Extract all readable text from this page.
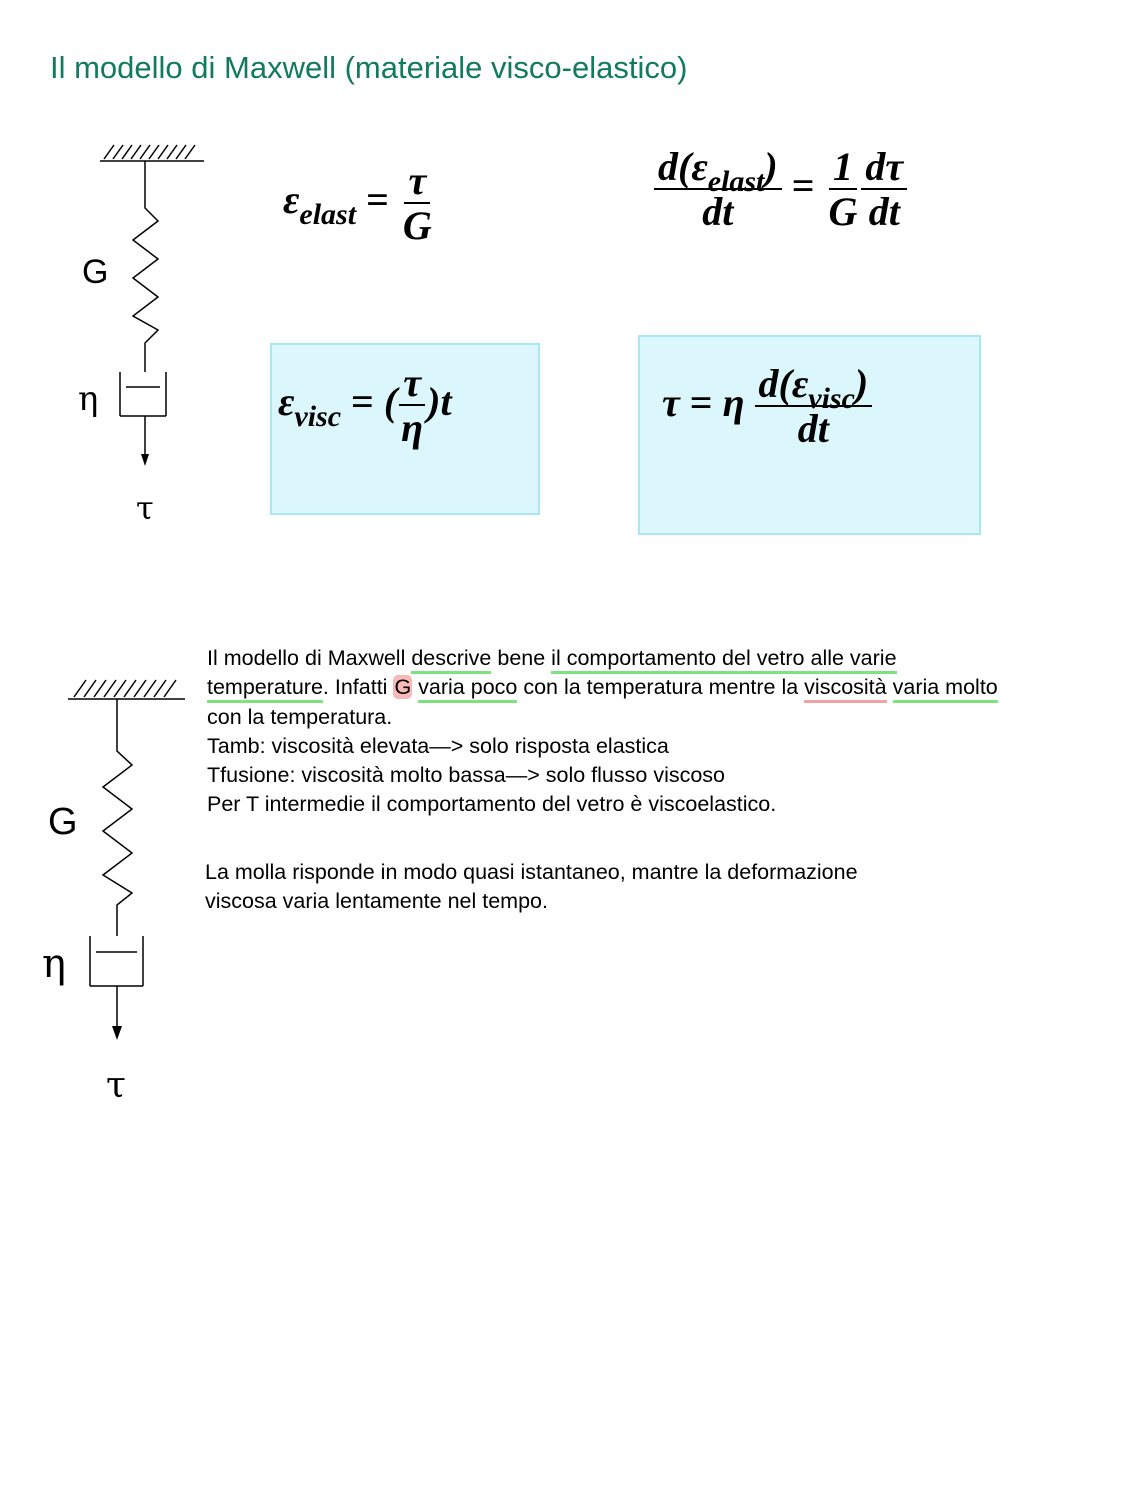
Il modello di Maxwell (materiale visco-elastico)
G
η
τ
G
η
τ
$\varepsilon_{elast} = \frac{\tau}{G}$	$\frac{d(\varepsilon_{elast})}{dt} = \frac{1}{G} \frac{d\tau}{dt}$
$\varepsilon_{visc}$ = ( $\frac{\tau}{\eta} )t$	τ = η $\frac{d(\varepsilon_{visc})}{dt}$

Il modello di Maxwell descrive bene il comportamento del vetro alle varie

temperature. Infatti G varia poco con la temperatura mentre la viscosità varia molto

con la temperatura.

Tamb: viscosità elevata—> solo risposta elastica

Tfusione: viscosità molto bassa—> solo flusso viscoso

Per T intermedie il comportamento del vetro è viscoelastico.

La molla risponde in modo quasi istantaneo, mantre la deformazione

viscosa varia lentamente nel tempo.
